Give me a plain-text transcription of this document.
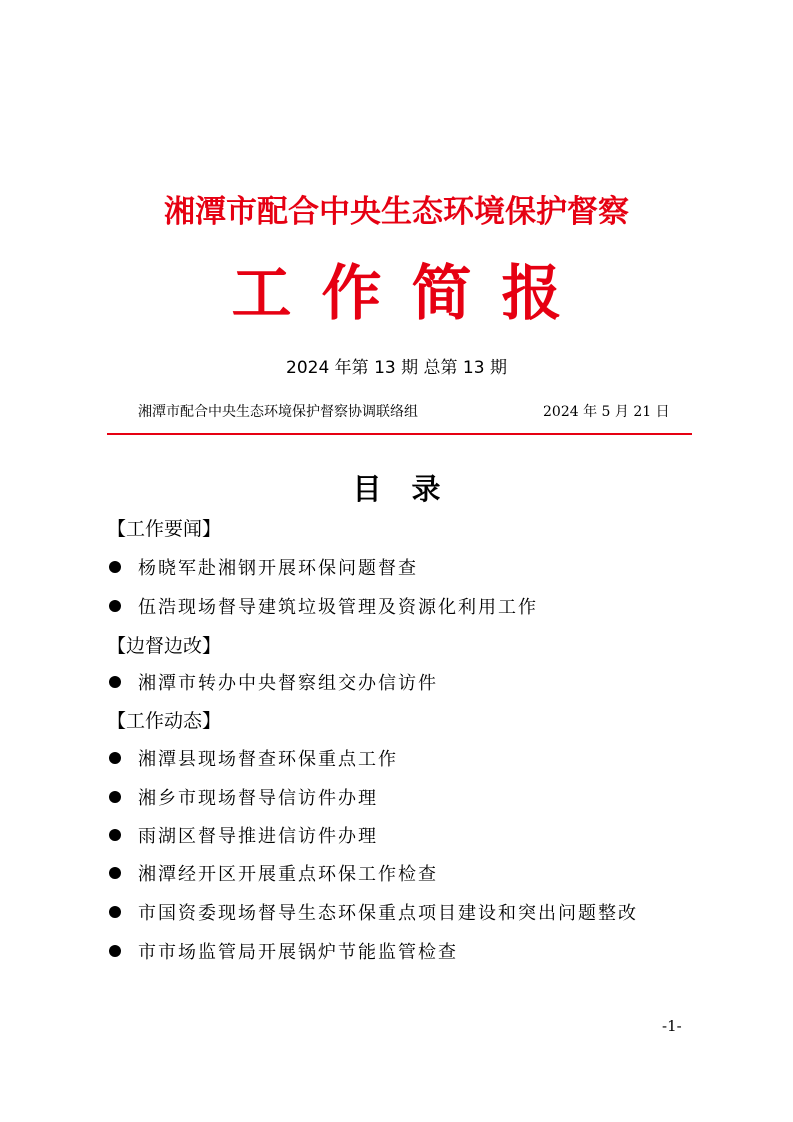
湘潭市配合中央生态环境保护督察
工作简报
2024 年第 13 期 总第 13 期
湘潭市配合中央生态环境保护督察协调联络组	2024 年 5 月 21 日
目录
【工作要闻】
杨晓军赴湘钢开展环保问题督查
伍浩现场督导建筑垃圾管理及资源化利用工作
【边督边改】
湘潭市转办中央督察组交办信访件
【工作动态】
湘潭县现场督查环保重点工作
湘乡市现场督导信访件办理
雨湖区督导推进信访件办理
湘潭经开区开展重点环保工作检查
市国资委现场督导生态环保重点项目建设和突出问题整改
市市场监管局开展锅炉节能监管检查
-1-
